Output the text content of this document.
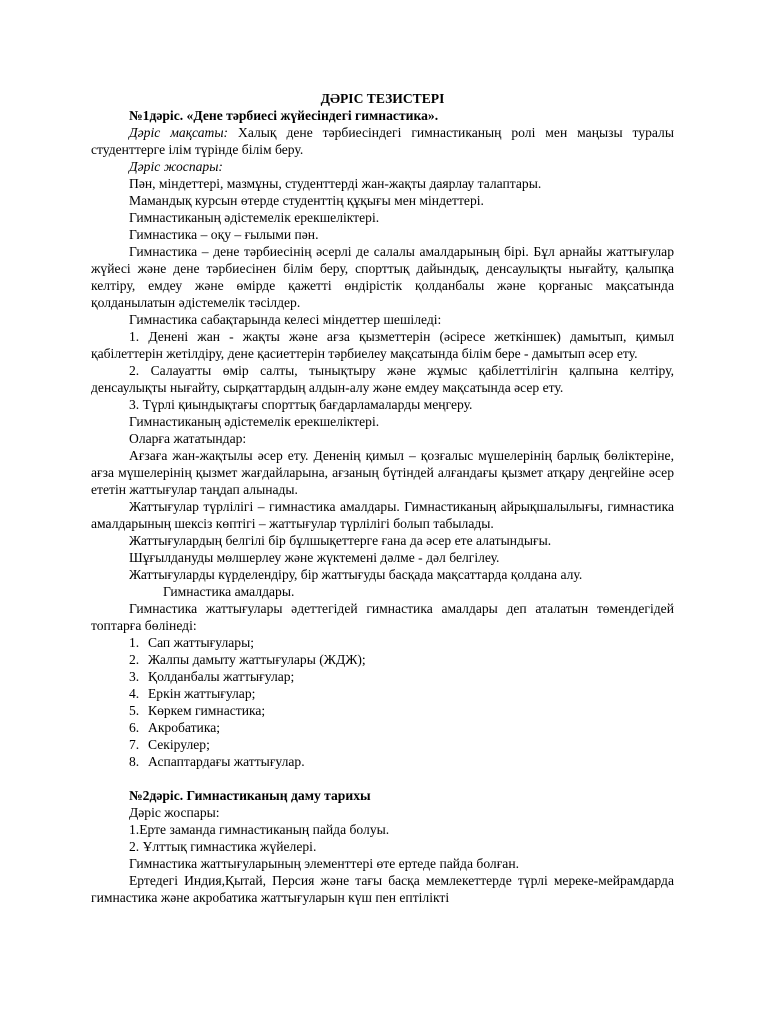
ДӘРІС ТЕЗИСТЕРІ

№1дәріс. «Дене тәрбиесі жүйесіндегі гимнастика».

Дәріс мақсаты: Халық дене тәрбиесіндегі гимнастиканың ролі мен маңызы туралы студенттерге ілім түрінде білім беру.

Дәріс жоспары:

Пән, міндеттері, мазмұны, студенттерді жан-жақты даярлау талаптары.

Мамандық курсын өтерде студенттің құқығы мен міндеттері.

Гимнастиканың әдістемелік ерекшеліктері.

Гимнастика – оқу – ғылыми пән.

Гимнастика – дене тәрбиесінің әсерлі де салалы амалдарының бірі. Бұл арнайы жаттығулар жүйесі және дене тәрбиесінен білім беру, спорттық дайындық, денсаулықты нығайту, қалыпқа келтіру, емдеу және өмірде қажетті өндірістік қолданбалы және қорғаныс мақсатында қолданылатын әдістемелік тәсілдер.

Гимнастика сабақтарында келесі міндеттер шешіледі:

1. Денені жан - жақты және ағза қызметтерін (әсіресе жеткіншек) дамытып, қимыл қабілеттерін жетілдіру, дене қасиеттерін тәрбиелеу мақсатында білім бере - дамытып әсер ету.

2. Салауатты өмір салты, тынықтыру және жұмыс қабілеттілігін қалпына келтіру, денсаулықты нығайту, сырқаттардың алдын-алу және емдеу мақсатында әсер ету.

3. Түрлі қиындықтағы спорттық бағдарламаларды меңгеру.

Гимнастиканың әдістемелік ерекшеліктері.

Оларға жататындар:

Ағзаға жан-жақтылы әсер ету. Дененің қимыл – қозғалыс мүшелерінің барлық бөліктеріне, ағза мүшелерінің қызмет жағдайларына, ағзаның бүтіндей алғандағы қызмет атқару деңгейіне әсер ететін жаттығулар таңдап алынады.

Жаттығулар түрлілігі – гимнастика амалдары. Гимнастиканың айрықшалылығы, гимнастика амалдарының шексіз көптігі – жаттығулар түрлілігі болып табылады.

Жаттығулардың белгілі бір бұлшықеттерге ғана да әсер ете алатындығы.

Шұғылдануды мөлшерлеу және жүктемені дәлме - дәл белгілеу.

Жаттығуларды күрделендіру, бір жаттығуды басқада мақсаттарда қолдана алу.

Гимнастика амалдары.

Гимнастика жаттығулары әдеттегідей гимнастика амалдары деп аталатын төмендегідей топтарға бөлінеді:

1. Сап жаттығулары;
2. Жалпы дамыту жаттығулары (ЖДЖ);
3. Қолданбалы жаттығулар;
4. Еркін жаттығулар;
5. Көркем гимнастика;
6. Акробатика;
7. Секірулер;
8. Аспаптардағы жаттығулар.

№2дәріс. Гимнастиканың даму тарихы

Дәріс жоспары:

1.Ерте заманда гимнастиканың пайда болуы.

2. Ұлттық гимнастика жүйелері.

Гимнастика жаттығуларының элементтері өте ертеде пайда болған.

Ертедегі Индия,Қытай, Персия және тағы басқа мемлекеттерде түрлі мереке-мейрамдарда гимнастика және акробатика жаттығуларын күш пен ептілікті
